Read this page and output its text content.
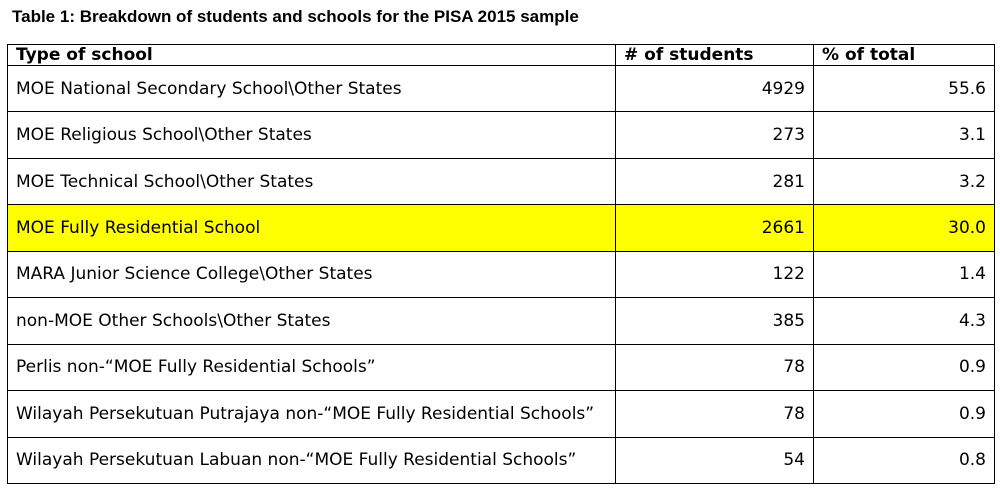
Table 1: Breakdown of students and schools for the PISA 2015 sample
Type of school	# of students	% of total
MOE National Secondary School\Other States	4929	55.6
MOE Religious School\Other States	273	3.1
MOE Technical School\Other States	281	3.2
MOE Fully Residential School	2661	30.0
MARA Junior Science College\Other States	122	1.4
non-MOE Other Schools\Other States	385	4.3
Perlis non-“MOE Fully Residential Schools”	78	0.9
Wilayah Persekutuan Putrajaya non-“MOE Fully Residential Schools”	78	0.9
Wilayah Persekutuan Labuan non-“MOE Fully Residential Schools”	54	0.8
